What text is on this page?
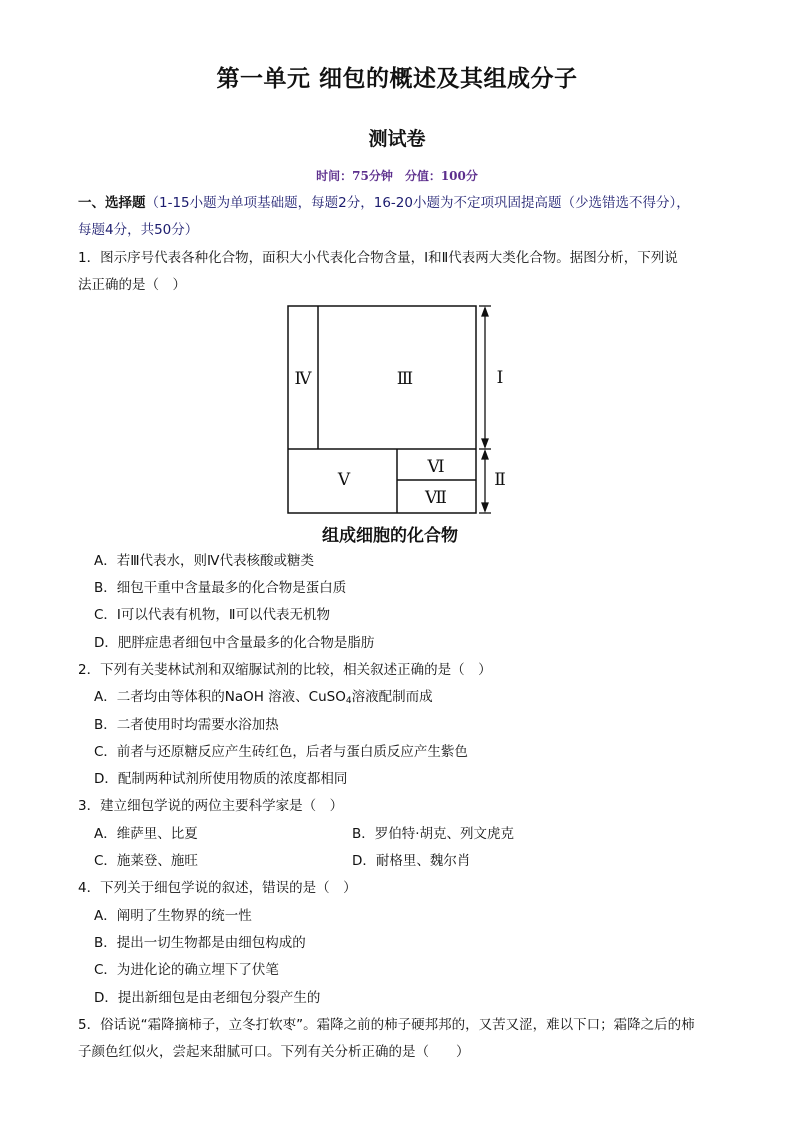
第一单元 细包的概述及其组成分子
测试卷
时间：75分钟　分值：100分
一、选择题（1-15小题为单项基础题，每题2分，16-20小题为不定项巩固提高题（少选错选不得分），
每题4分，共50分）
1．图示序号代表各种化合物，面积大小代表化合物含量，Ⅰ和Ⅱ代表两大类化合物。据图分析，下列说
法正确的是（　）
Ⅳ	Ⅲ
Ⅴ
Ⅵ
Ⅶ
Ⅰ
Ⅱ
组成细胞的化合物
A．若Ⅲ代表水，则Ⅳ代表核酸或糖类
B．细包干重中含量最多的化合物是蛋白质
C．Ⅰ可以代表有机物，Ⅱ可以代表无机物
D．肥胖症患者细包中含量最多的化合物是脂肪
2．下列有关斐林试剂和双缩脲试剂的比较，相关叙述正确的是（　）
A．二者均由等体积的NaOH 溶液、CuSO$_4$溶液配制而成
B．二者使用时均需要水浴加热
C．前者与还原糖反应产生砖红色，后者与蛋白质反应产生紫色
D．配制两种试剂所使用物质的浓度都相同
3．建立细包学说的两位主要科学家是（　）
A．维萨里、比夏	B．罗伯特·胡克、列文虎克
C．施莱登、施旺	D．耐格里、魏尔肖
4．下列关于细包学说的叙述，错误的是（　）
A．阐明了生物界的统一性
B．提出一切生物都是由细包构成的
C．为进化论的确立埋下了伏笔
D．提出新细包是由老细包分裂产生的
5．俗话说“霜降摘柿子，立冬打软枣”。霜降之前的柿子硬邦邦的，又苦又涩，难以下口；霜降之后的柿
子颜色红似火，尝起来甜腻可口。下列有关分析正确的是（　　）
